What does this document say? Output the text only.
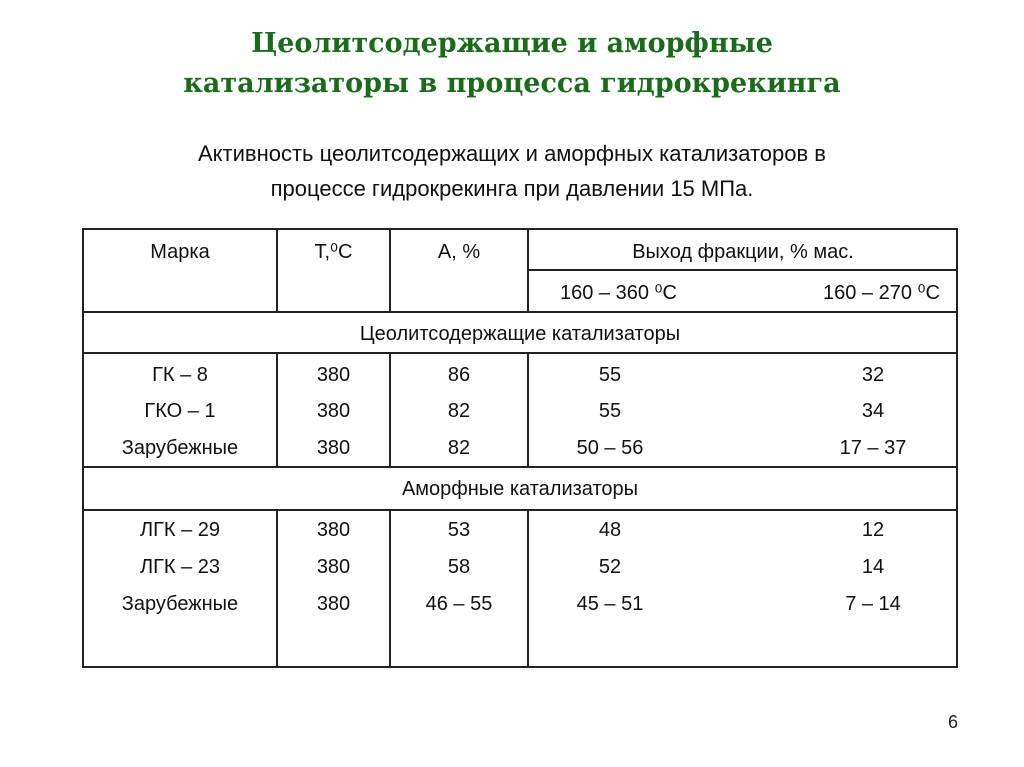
Цеолитсодержащие и аморфные
катализаторы в процесса гидрокрекинга
Активность цеолитсодержащих и аморфных катализаторов в
процессе гидрокрекинга при давлении 15 МПа.
Марка	Т,⁰С	А, %	Выход фракции, % мас.
160 – 360 ⁰С	160 – 270 ⁰С
Цеолитсодержащие катализаторы
ГК – 8	380	86	55	32
ГКО – 1	380	82	55	34
Зарубежные	380	82	50 – 56	17 – 37
Аморфные катализаторы
ЛГК – 29	380	53	48	12
ЛГК – 23	380	58	52	14
Зарубежные	380	46 – 55	45 – 51	7 – 14
6
